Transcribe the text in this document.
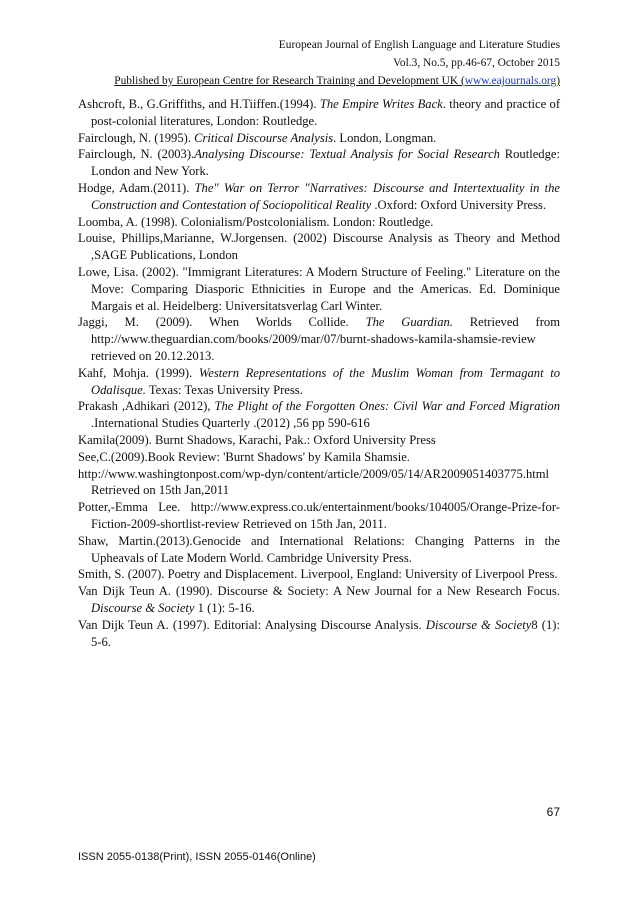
European Journal of English Language and Literature Studies
Vol.3, No.5, pp.46-67, October 2015
Published by European Centre for Research Training and Development UK (www.eajournals.org)

Ashcroft, B., G.Griffiths, and H.Tiiffen.(1994). The Empire Writes Back. theory and practice of post-colonial literatures, London: Routledge.

Fairclough, N. (1995). Critical Discourse Analysis. London, Longman.

Fairclough, N. (2003).Analysing Discourse: Textual Analysis for Social Research Routledge: London and New York.

Hodge, Adam.(2011). The" War on Terror "Narratives: Discourse and Intertextuality in the Construction and Contestation of Sociopolitical Reality .Oxford: Oxford University Press.

Loomba, A. (1998). Colonialism/Postcolonialism. London: Routledge.

Louise, Phillips,Marianne, W.Jorgensen. (2002) Discourse Analysis as Theory and Method ,SAGE Publications, London

Lowe, Lisa. (2002). "Immigrant Literatures: A Modern Structure of Feeling." Literature on the Move: Comparing Diasporic Ethnicities in Europe and the Americas. Ed. Dominique Margais et al. Heidelberg: Universitatsverlag Carl Winter.

Jaggi, M. (2009). When Worlds Collide. The Guardian. Retrieved from http://www.theguardian.com/books/2009/mar/07/burnt-shadows-kamila-shamsie-review retrieved on 20.12.2013.

Kahf, Mohja. (1999). Western Representations of the Muslim Woman from Termagant to Odalisque. Texas: Texas University Press.

Prakash ,Adhikari (2012), The Plight of the Forgotten Ones: Civil War and Forced Migration .International Studies Quarterly .(2012) ,56 pp 590-616

Kamila(2009). Burnt Shadows, Karachi, Pak.: Oxford University Press

See,C.(2009).Book Review: 'Burnt Shadows' by Kamila Shamsie.

http://www.washingtonpost.com/wp-dyn/content/article/2009/05/14/AR2009051403775.html Retrieved on 15th Jan,2011

Potter,-Emma Lee. http://www.express.co.uk/entertainment/books/104005/Orange-Prize-for-Fiction-2009-shortlist-review Retrieved on 15th Jan, 2011.

Shaw, Martin.(2013).Genocide and International Relations: Changing Patterns in the Upheavals of Late Modern World. Cambridge University Press.

Smith, S. (2007). Poetry and Displacement. Liverpool, England: University of Liverpool Press.

Van Dijk Teun A. (1990). Discourse & Society: A New Journal for a New Research Focus. Discourse & Society 1 (1): 5-16.

Van Dijk Teun A. (1997). Editorial: Analysing Discourse Analysis. Discourse & Society8 (1): 5-6.

67
ISSN 2055-0138(Print), ISSN 2055-0146(Online)
